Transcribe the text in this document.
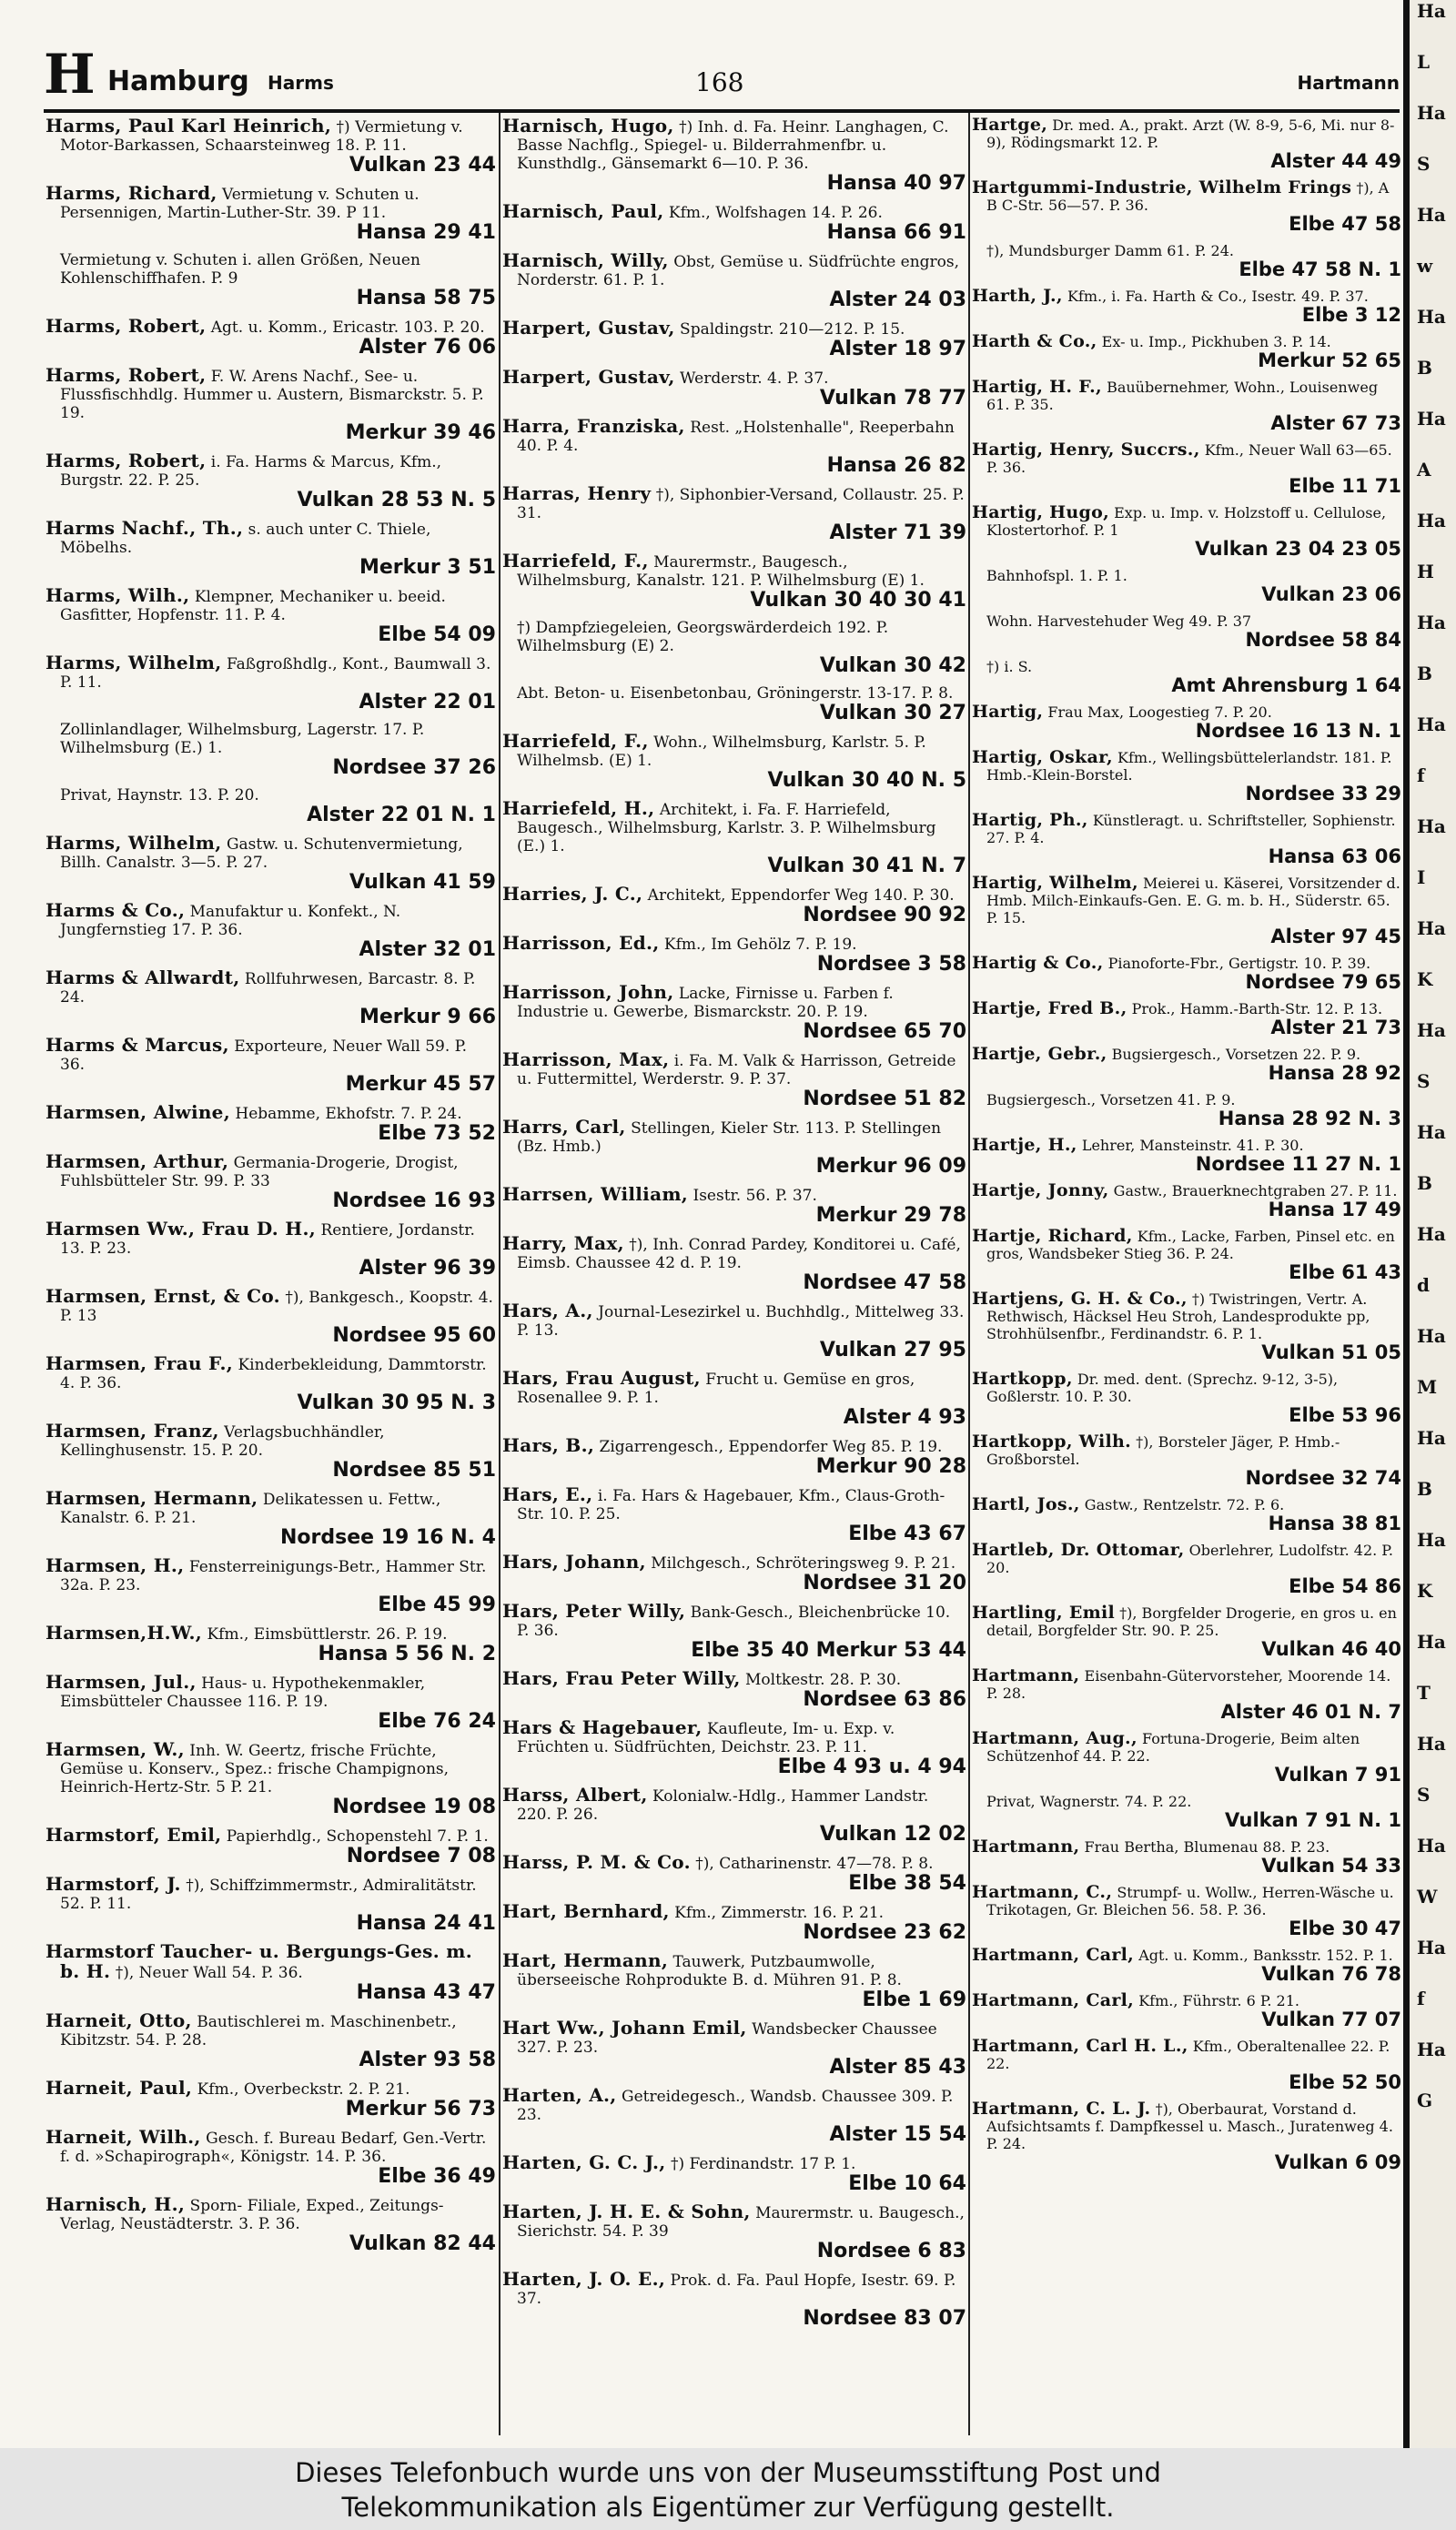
H Hamburg Harms	168	Hartmann
Harms, Paul Karl Heinrich, †) Vermietung v. Motor-Barkassen, Schaarsteinweg 18. P. 11.
Vulkan 23 44
Harms, Richard, Vermietung v. Schuten u. Persennigen, Martin-Luther-Str. 39. P 11.
Hansa 29 41
Vermietung v. Schuten i. allen Größen, Neuen Kohlenschiffhafen. P. 9
Hansa 58 75
Harms, Robert, Agt. u. Komm., Ericastr. 103. P. 20.
Alster 76 06
Harms, Robert, F. W. Arens Nachf., See- u. Flussfischhdlg. Hummer u. Austern, Bismarckstr. 5. P. 19.
Merkur 39 46
Harms, Robert, i. Fa. Harms & Marcus, Kfm., Burgstr. 22. P. 25.
Vulkan 28 53 N. 5
Harms Nachf., Th., s. auch unter C. Thiele, Möbelhs.
Merkur 3 51
Harms, Wilh., Klempner, Mechaniker u. beeid. Gasfitter, Hopfenstr. 11. P. 4.
Elbe 54 09
Harms, Wilhelm, Faßgroßhdlg., Kont., Baumwall 3. P. 11.
Alster 22 01
Zollinlandlager, Wilhelmsburg, Lagerstr. 17. P. Wilhelmsburg (E.) 1.
Nordsee 37 26
Privat, Haynstr. 13. P. 20.
Alster 22 01 N. 1
Harms, Wilhelm, Gastw. u. Schutenvermietung, Billh. Canalstr. 3—5. P. 27.
Vulkan 41 59
Harms & Co., Manufaktur u. Konfekt., N. Jungfernstieg 17. P. 36.
Alster 32 01
Harms & Allwardt, Rollfuhrwesen, Barcastr. 8. P. 24.
Merkur 9 66
Harms & Marcus, Exporteure, Neuer Wall 59. P. 36.
Merkur 45 57
Harmsen, Alwine, Hebamme, Ekhofstr. 7. P. 24.
Elbe 73 52
Harmsen, Arthur, Germania-Drogerie, Drogist, Fuhlsbütteler Str. 99. P. 33
Nordsee 16 93
Harmsen Ww., Frau D. H., Rentiere, Jordanstr. 13. P. 23.
Alster 96 39
Harmsen, Ernst, & Co. †), Bankgesch., Koopstr. 4. P. 13
Nordsee 95 60
Harmsen, Frau F., Kinderbekleidung, Dammtorstr. 4. P. 36.
Vulkan 30 95 N. 3
Harmsen, Franz, Verlagsbuchhändler, Kellinghusenstr. 15. P. 20.
Nordsee 85 51
Harmsen, Hermann, Delikatessen u. Fettw., Kanalstr. 6. P. 21.
Nordsee 19 16 N. 4
Harmsen, H., Fensterreinigungs-Betr., Hammer Str. 32a. P. 23.
Elbe 45 99
Harmsen,H.W., Kfm., Eimsbüttlerstr. 26. P. 19.
Hansa 5 56 N. 2
Harmsen, Jul., Haus- u. Hypothekenmakler, Eimsbütteler Chaussee 116. P. 19.
Elbe 76 24
Harmsen, W., Inh. W. Geertz, frische Früchte, Gemüse u. Konserv., Spez.: frische Champignons, Heinrich-Hertz-Str. 5 P. 21.
Nordsee 19 08
Harmstorf, Emil, Papierhdlg., Schopenstehl 7. P. 1.
Nordsee 7 08
Harmstorf, J. †), Schiffzimmermstr., Admiralitätstr. 52. P. 11.
Hansa 24 41
Harmstorf Taucher- u. Bergungs-Ges. m. b. H. †), Neuer Wall 54. P. 36.
Hansa 43 47
Harneit, Otto, Bautischlerei m. Maschinenbetr., Kibitzstr. 54. P. 28.
Alster 93 58
Harneit, Paul, Kfm., Overbeckstr. 2. P. 21.
Merkur 56 73
Harneit, Wilh., Gesch. f. Bureau Bedarf, Gen.-Vertr. f. d. »Schapirograph«, Königstr. 14. P. 36.
Elbe 36 49
Harnisch, H., Sporn- Filiale, Exped., Zeitungs-Verlag, Neustädterstr. 3. P. 36.
Vulkan 82 44
Harnisch, Hugo, †) Inh. d. Fa. Heinr. Langhagen, C. Basse Nachflg., Spiegel- u. Bilderrahmenfbr. u. Kunsthdlg., Gänsemarkt 6—10. P. 36.
Hansa 40 97
Harnisch, Paul, Kfm., Wolfshagen 14. P. 26.
Hansa 66 91
Harnisch, Willy, Obst, Gemüse u. Südfrüchte engros, Norderstr. 61. P. 1.
Alster 24 03
Harpert, Gustav, Spaldingstr. 210—212. P. 15.
Alster 18 97
Harpert, Gustav, Werderstr. 4. P. 37.
Vulkan 78 77
Harra, Franziska, Rest. „Holstenhalle", Reeperbahn 40. P. 4.
Hansa 26 82
Harras, Henry †), Siphonbier-Versand, Collaustr. 25. P. 31.
Alster 71 39
Harriefeld, F., Maurermstr., Baugesch., Wilhelmsburg, Kanalstr. 121. P. Wilhelmsburg (E) 1.
Vulkan 30 40 30 41
†) Dampfziegeleien, Georgswärderdeich 192. P. Wilhelmsburg (E) 2.
Vulkan 30 42
Abt. Beton- u. Eisenbetonbau, Gröningerstr. 13-17. P. 8.
Vulkan 30 27
Harriefeld, F., Wohn., Wilhelmsburg, Karlstr. 5. P. Wilhelmsb. (E) 1.
Vulkan 30 40 N. 5
Harriefeld, H., Architekt, i. Fa. F. Harriefeld, Baugesch., Wilhelmsburg, Karlstr. 3. P. Wilhelmsburg (E.) 1.
Vulkan 30 41 N. 7
Harries, J. C., Architekt, Eppendorfer Weg 140. P. 30.
Nordsee 90 92
Harrisson, Ed., Kfm., Im Gehölz 7. P. 19.
Nordsee 3 58
Harrisson, John, Lacke, Firnisse u. Farben f. Industrie u. Gewerbe, Bismarckstr. 20. P. 19.
Nordsee 65 70
Harrisson, Max, i. Fa. M. Valk & Harrisson, Getreide u. Futtermittel, Werderstr. 9. P. 37.
Nordsee 51 82
Harrs, Carl, Stellingen, Kieler Str. 113. P. Stellingen (Bz. Hmb.)
Merkur 96 09
Harrsen, William, Isestr. 56. P. 37.
Merkur 29 78
Harry, Max, †), Inh. Conrad Pardey, Konditorei u. Café, Eimsb. Chaussee 42 d. P. 19.
Nordsee 47 58
Hars, A., Journal-Lesezirkel u. Buchhdlg., Mittelweg 33. P. 13.
Vulkan 27 95
Hars, Frau August, Frucht u. Gemüse en gros, Rosenallee 9. P. 1.
Alster 4 93
Hars, B., Zigarrengesch., Eppendorfer Weg 85. P. 19.
Merkur 90 28
Hars, E., i. Fa. Hars & Hagebauer, Kfm., Claus-Groth-Str. 10. P. 25.
Elbe 43 67
Hars, Johann, Milchgesch., Schröteringsweg 9. P. 21.
Nordsee 31 20
Hars, Peter Willy, Bank-Gesch., Bleichenbrücke 10. P. 36.
Elbe 35 40 Merkur 53 44
Hars, Frau Peter Willy, Moltkestr. 28. P. 30.
Nordsee 63 86
Hars & Hagebauer, Kaufleute, Im- u. Exp. v. Früchten u. Südfrüchten, Deichstr. 23. P. 11.
Elbe 4 93 u. 4 94
Harss, Albert, Kolonialw.-Hdlg., Hammer Landstr. 220. P. 26.
Vulkan 12 02
Harss, P. M. & Co. †), Catharinenstr. 47—78. P. 8.
Elbe 38 54
Hart, Bernhard, Kfm., Zimmerstr. 16. P. 21.
Nordsee 23 62
Hart, Hermann, Tauwerk, Putzbaumwolle, überseeische Rohprodukte B. d. Mühren 91. P. 8.
Elbe 1 69
Hart Ww., Johann Emil, Wandsbecker Chaussee 327. P. 23.
Alster 85 43
Harten, A., Getreidegesch., Wandsb. Chaussee 309. P. 23.
Alster 15 54
Harten, G. C. J., †) Ferdinandstr. 17 P. 1.
Elbe 10 64
Harten, J. H. E. & Sohn, Maurermstr. u. Baugesch., Sierichstr. 54. P. 39
Nordsee 6 83
Harten, J. O. E., Prok. d. Fa. Paul Hopfe, Isestr. 69. P. 37.
Nordsee 83 07
Hartge, Dr. med. A., prakt. Arzt (W. 8-9, 5-6, Mi. nur 8-9), Rödingsmarkt 12. P.
Alster 44 49
Hartgummi-Industrie, Wilhelm Frings †), A B C-Str. 56—57. P. 36.
Elbe 47 58
†), Mundsburger Damm 61. P. 24.
Elbe 47 58 N. 1
Harth, J., Kfm., i. Fa. Harth & Co., Isestr. 49. P. 37.
Elbe 3 12
Harth & Co., Ex- u. Imp., Pickhuben 3. P. 14.
Merkur 52 65
Hartig, H. F., Bauübernehmer, Wohn., Louisenweg 61. P. 35.
Alster 67 73
Hartig, Henry, Succrs., Kfm., Neuer Wall 63—65. P. 36.
Elbe 11 71
Hartig, Hugo, Exp. u. Imp. v. Holzstoff u. Cellulose, Klostertorhof. P. 1
Vulkan 23 04 23 05
Bahnhofspl. 1. P. 1.
Vulkan 23 06
Wohn. Harvestehuder Weg 49. P. 37
Nordsee 58 84
†) i. S.
Amt Ahrensburg 1 64
Hartig, Frau Max, Loogestieg 7. P. 20.
Nordsee 16 13 N. 1
Hartig, Oskar, Kfm., Wellingsbüttelerlandstr. 181. P. Hmb.-Klein-Borstel.
Nordsee 33 29
Hartig, Ph., Künstleragt. u. Schriftsteller, Sophienstr. 27. P. 4.
Hansa 63 06
Hartig, Wilhelm, Meierei u. Käserei, Vorsitzender d. Hmb. Milch-Einkaufs-Gen. E. G. m. b. H., Süderstr. 65. P. 15.
Alster 97 45
Hartig & Co., Pianoforte-Fbr., Gertigstr. 10. P. 39.
Nordsee 79 65
Hartje, Fred B., Prok., Hamm.-Barth-Str. 12. P. 13.
Alster 21 73
Hartje, Gebr., Bugsiergesch., Vorsetzen 22. P. 9.
Hansa 28 92
Bugsiergesch., Vorsetzen 41. P. 9.
Hansa 28 92 N. 3
Hartje, H., Lehrer, Mansteinstr. 41. P. 30.
Nordsee 11 27 N. 1
Hartje, Jonny, Gastw., Brauerknechtgraben 27. P. 11.
Hansa 17 49
Hartje, Richard, Kfm., Lacke, Farben, Pinsel etc. en gros, Wandsbeker Stieg 36. P. 24.
Elbe 61 43
Hartjens, G. H. & Co., †) Twistringen, Vertr. A. Rethwisch, Häcksel Heu Stroh, Landesprodukte pp, Strohhülsenfbr., Ferdinandstr. 6. P. 1.
Vulkan 51 05
Hartkopp, Dr. med. dent. (Sprechz. 9-12, 3-5), Goßlerstr. 10. P. 30.
Elbe 53 96
Hartkopp, Wilh. †), Borsteler Jäger, P. Hmb.-Großborstel.
Nordsee 32 74
Hartl, Jos., Gastw., Rentzelstr. 72. P. 6.
Hansa 38 81
Hartleb, Dr. Ottomar, Oberlehrer, Ludolfstr. 42. P. 20.
Elbe 54 86
Hartling, Emil †), Borgfelder Drogerie, en gros u. en detail, Borgfelder Str. 90. P. 25.
Vulkan 46 40
Hartmann, Eisenbahn-Gütervorsteher, Moorende 14. P. 28.
Alster 46 01 N. 7
Hartmann, Aug., Fortuna-Drogerie, Beim alten Schützenhof 44. P. 22.
Vulkan 7 91
Privat, Wagnerstr. 74. P. 22.
Vulkan 7 91 N. 1
Hartmann, Frau Bertha, Blumenau 88. P. 23.
Vulkan 54 33
Hartmann, C., Strumpf- u. Wollw., Herren-Wäsche u. Trikotagen, Gr. Bleichen 56. 58. P. 36.
Elbe 30 47
Hartmann, Carl, Agt. u. Komm., Banksstr. 152. P. 1.
Vulkan 76 78
Hartmann, Carl, Kfm., Führstr. 6 P. 21.
Vulkan 77 07
Hartmann, Carl H. L., Kfm., Oberaltenallee 22. P. 22.
Elbe 52 50
Hartmann, C. L. J. †), Oberbaurat, Vorstand d. Aufsichtsamts f. Dampfkessel u. Masch., Juratenweg 4. P. 24.
Vulkan 6 09
Ha
L
Ha
S
Ha
w
Ha
B
Ha
A
Ha
H
Ha
B
Ha
f
Ha
I
Ha
K
Ha
S
Ha
B
Ha
d
Ha
M
Ha
B
Ha
K
Ha
T
Ha
S
Ha
W
Ha
f
Ha
G
Dieses Telefonbuch wurde uns von der Museumsstiftung Post und
Telekommunikation als Eigentümer zur Verfügung gestellt.
